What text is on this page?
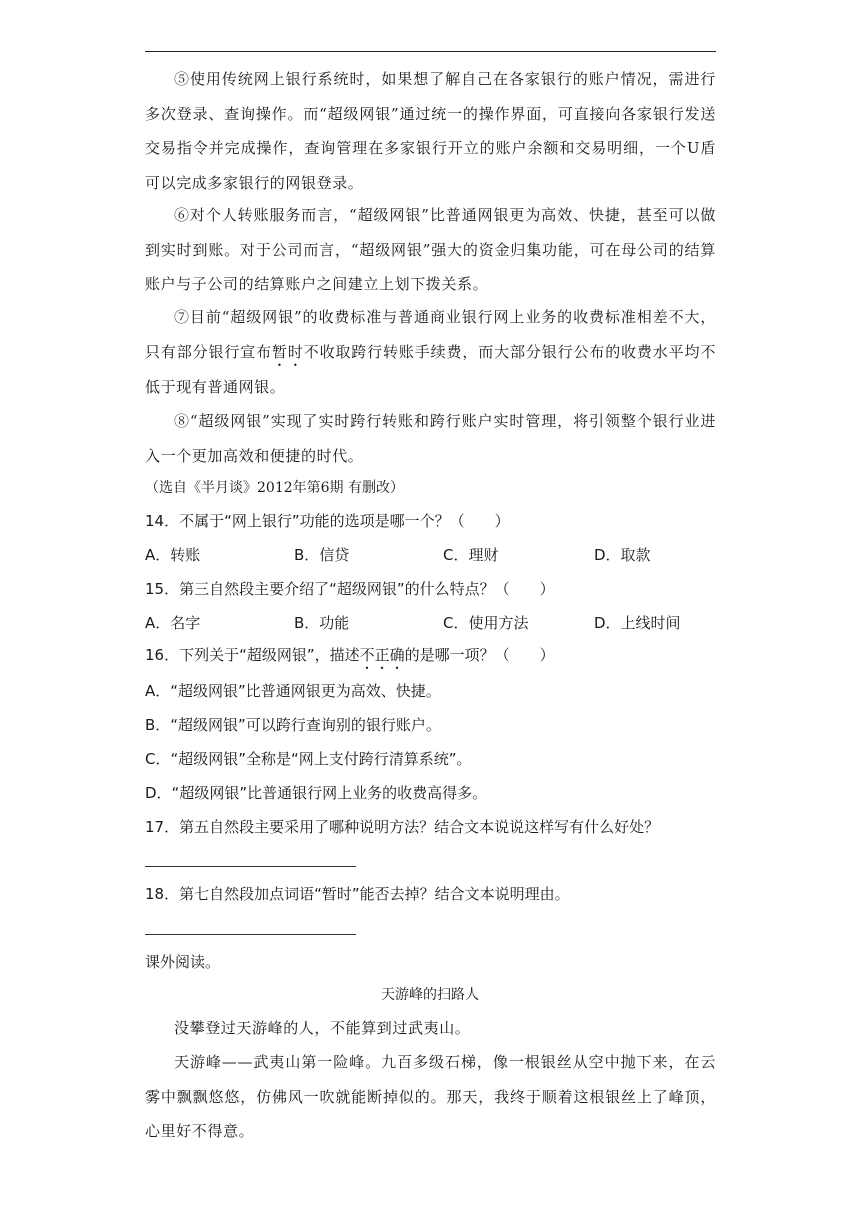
⑤使用传统网上银行系统时，如果想了解自己在各家银行的账户情况，需进行多次登录、查询操作。而“超级网银”通过统一的操作界面，可直接向各家银行发送交易指令并完成操作，查询管理在多家银行开立的账户余额和交易明细，一个U盾可以完成多家银行的网银登录。

⑥对个人转账服务而言，“超级网银”比普通网银更为高效、快捷，甚至可以做到实时到账。对于公司而言，“超级网银”强大的资金归集功能，可在母公司的结算账户与子公司的结算账户之间建立上划下拨关系。

⑦目前“超级网银”的收费标准与普通商业银行网上业务的收费标准相差不大，只有部分银行宣布暂时不收取跨行转账手续费，而大部分银行公布的收费水平均不低于现有普通网银。

⑧“超级网银”实现了实时跨行转账和跨行账户实时管理，将引领整个银行业进入一个更加高效和便捷的时代。

（选自《半月谈》2012年第6期 有删改）
14．不属于“网上银行”功能的选项是哪一个？（　　）
A．转账	B．信贷	C．理财	D．取款
15．第三自然段主要介绍了“超级网银”的什么特点？（　　）
A．名字	B．功能	C．使用方法	D．上线时间
16．下列关于“超级网银”，描述不正确的是哪一项？（　　）
A．“超级网银”比普通网银更为高效、快捷。
B．“超级网银”可以跨行查询别的银行账户。
C．“超级网银”全称是“网上支付跨行清算系统”。
D．“超级网银”比普通银行网上业务的收费高得多。
17．第五自然段主要采用了哪种说明方法？结合文本说说这样写有什么好处？
18．第七自然段加点词语“暂时”能否去掉？结合文本说明理由。
课外阅读。
天游峰的扫路人

没攀登过天游峰的人，不能算到过武夷山。

天游峰——武夷山第一险峰。九百多级石梯，像一根银丝从空中抛下来，在云雾中飘飘悠悠，仿佛风一吹就能断掉似的。那天，我终于顺着这根银丝上了峰顶，心里好不得意。
